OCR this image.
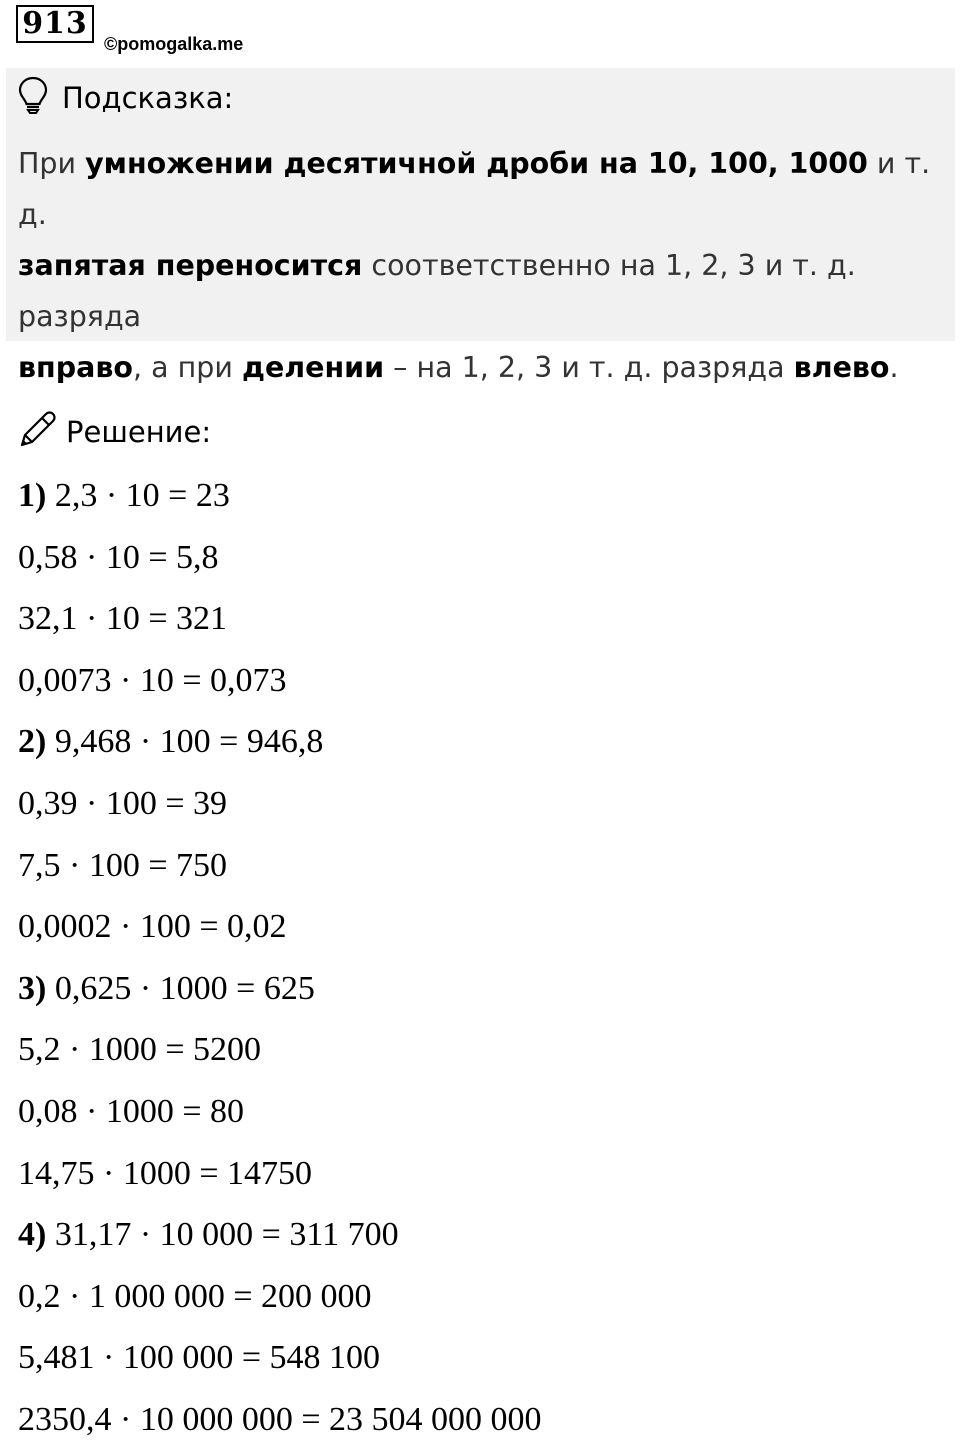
913
©pomogalka.me
Подсказка:
При умножении десятичной дроби на 10, 100, 1000 и т. д.
запятая переносится соответственно на 1, 2, 3 и т. д. разряда
вправо, а при делении – на 1, 2, 3 и т. д. разряда влево.
Решение:
1) 2,3 · 10 = 23
0,58 · 10 = 5,8
32,1 · 10 = 321
0,0073 · 10 = 0,073
2) 9,468 · 100 = 946,8
0,39 · 100 = 39
7,5 · 100 = 750
0,0002 · 100 = 0,02
3) 0,625 · 1000 = 625
5,2 · 1000 = 5200
0,08 · 1000 = 80
14,75 · 1000 = 14750
4) 31,17 · 10 000 = 311 700
0,2 · 1 000 000 = 200 000
5,481 · 100 000 = 548 100
2350,4 · 10 000 000 = 23 504 000 000
